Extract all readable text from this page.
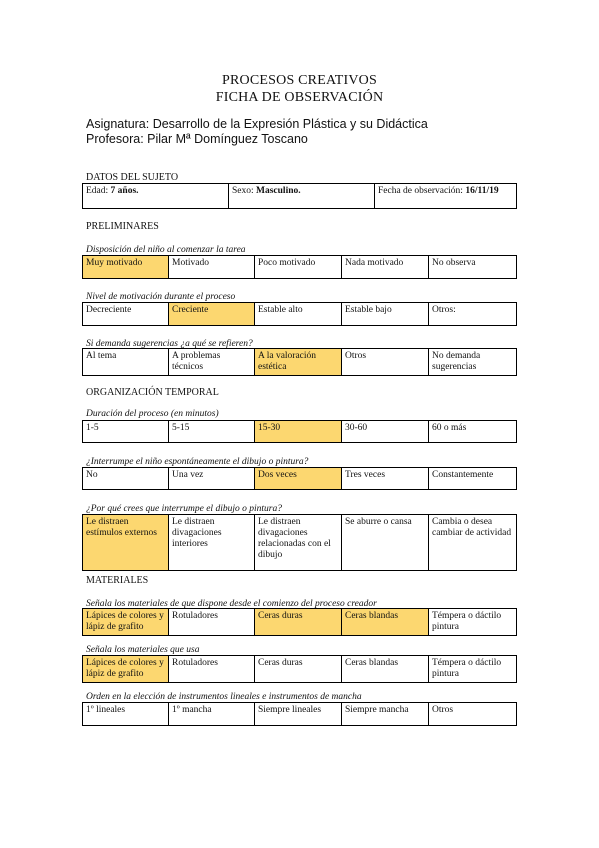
PROCESOS CREATIVOS
FICHA DE OBSERVACIÓN
Asignatura: Desarrollo de la Expresión Plástica y su Didáctica
Profesora: Pilar Mª Domínguez Toscano
DATOS DEL SUJETO
Edad: 7 años.	Sexo: Masculino.	Fecha de observación: 16/11/19
PRELIMINARES
Disposición del niño al comenzar la tarea
Muy motivado	Motivado	Poco motivado	Nada motivado	No observa
Nivel de motivación durante el proceso
Decreciente	Creciente	Estable alto	Estable bajo	Otros:
Si demanda sugerencias ¿a qué se refieren?
Al tema	A problemas técnicos	A la valoración estética	Otros	No demanda sugerencias
ORGANIZACIÓN TEMPORAL
Duración del proceso (en minutos)
1-5	5-15	15-30	30-60	60 o más
¿Interrumpe el niño espontáneamente el dibujo o pintura?
No	Una vez	Dos veces	Tres veces	Constantemente
¿Por qué crees que interrumpe el dibujo o pintura?
Le distraen estímulos externos	Le distraen divagaciones interiores	Le distraen divagaciones relacionadas con el dibujo	Se aburre o cansa	Cambia o desea cambiar de actividad
MATERIALES
Señala los materiales de que dispone desde el comienzo del proceso creador
Lápices de colores y lápiz de grafito	Rotuladores	Ceras duras	Ceras blandas	Témpera o dáctilo pintura
Señala los materiales que usa
Lápices de colores y lápiz de grafito	Rotuladores	Ceras duras	Ceras blandas	Témpera o dáctilo pintura
Orden en la elección de instrumentos lineales e instrumentos de mancha
1º lineales	1º mancha	Siempre lineales	Siempre mancha	Otros
